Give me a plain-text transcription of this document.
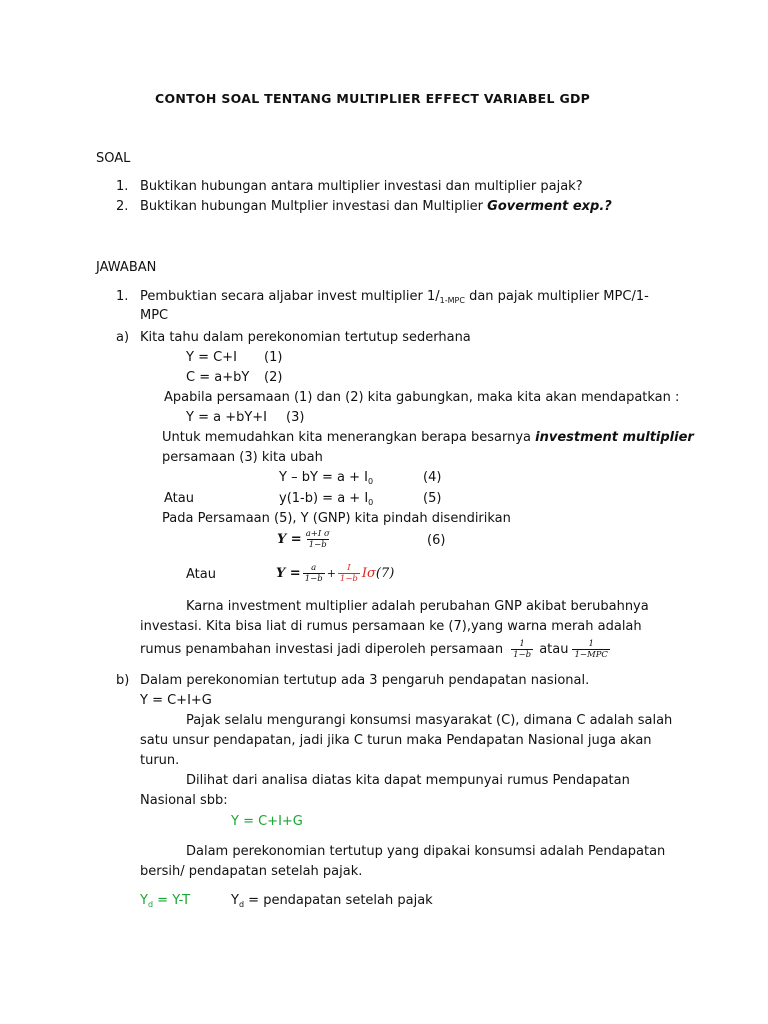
CONTOH SOAL TENTANG MULTIPLIER EFFECT VARIABEL GDP
SOAL
1. Buktikan hubungan antara multiplier investasi dan multiplier pajak?
2. Buktikan hubungan Multplier investasi dan Multiplier Goverment exp.?
JAWABAN
1. Pembuktian secara aljabar invest multiplier $1/_{1-MPC}$ dan pajak multiplier MPC/1-
MPC
a) Kita tahu dalam perekonomian tertutup sederhana
Y = C+I (1)
C = a+bY (2)
Apabila persamaan (1) dan (2) kita gabungkan, maka kita akan mendapatkan :
Y = a +bY+I (3)
Untuk memudahkan kita menerangkan berapa besarnya investment multiplier
persamaan (3) kita ubah
Y – bY = $a + I_0$	(4)
Atau	$y(1-b) = a + I_0$	(5)
Pada Persamaan (5), Y (GNP) kita pindah disendirikan
$Y = \frac{\text{a+I σ}}{1-b}$	(6)
Atau	$Y = \frac{a}{1-b} + \frac{I}{1-b} I\sigma(7)$
Karna investment multiplier adalah perubahan GNP akibat berubahnya
investasi. Kita bisa liat di rumus persamaan ke (7),yang warna merah adalah
rumus penambahan investasi jadi diperoleh persamaan $\frac{1}{1-b}$ atau $\frac{1}{\text{1−MPC}}$
b) Dalam perekonomian tertutup ada 3 pengaruh pendapatan nasional.
Y = C+I+G
Pajak selalu mengurangi konsumsi masyarakat (C), dimana C adalah salah
satu unsur pendapatan, jadi jika C turun maka Pendapatan Nasional juga akan
turun.
Dilihat dari analisa diatas kita dapat mempunyai rumus Pendapatan
Nasional sbb:
Y = C+I+G
Dalam perekonomian tertutup yang dipakai konsumsi adalah Pendapatan
bersih/ pendapatan setelah pajak.
$Y_d = Y-T$	$Y_d$ = pendapatan setelah pajak
